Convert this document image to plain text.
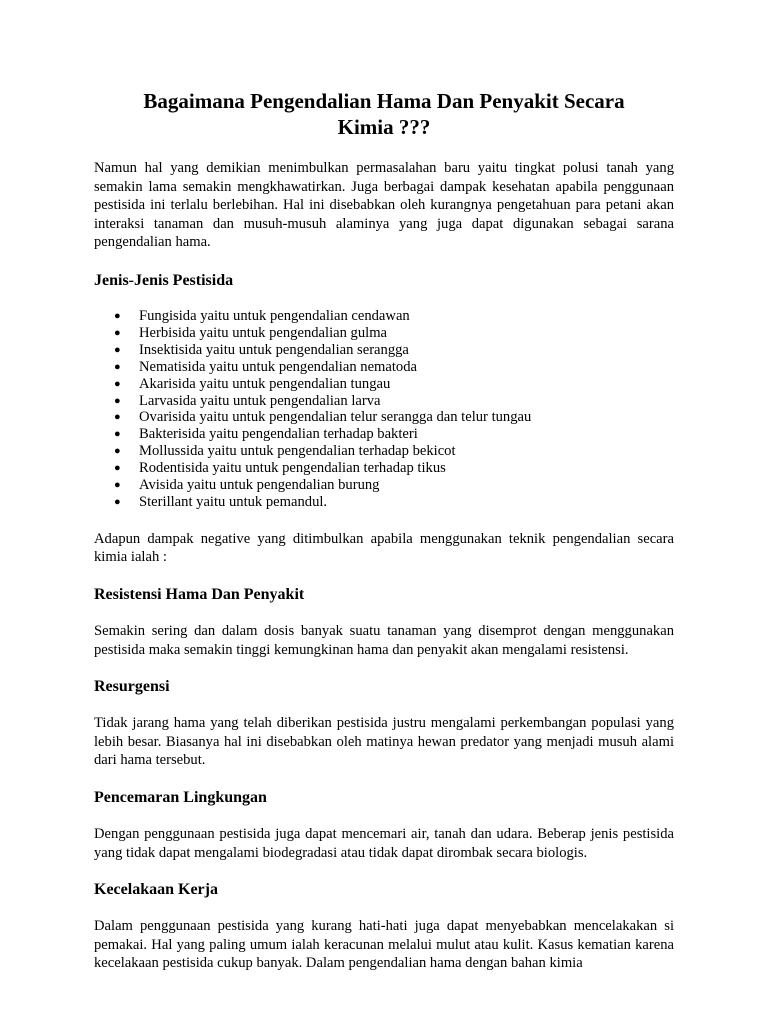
Bagaimana Pengendalian Hama Dan Penyakit Secara
Kimia ???

Namun hal yang demikian menimbulkan permasalahan baru yaitu tingkat polusi tanah yang semakin lama semakin mengkhawatirkan. Juga berbagai dampak kesehatan apabila penggunaan pestisida ini terlalu berlebihan. Hal ini disebabkan oleh kurangnya pengetahuan para petani akan interaksi tanaman dan musuh-musuh alaminya yang juga dapat digunakan sebagai sarana pengendalian hama.

Jenis-Jenis Pestisida
● Fungisida yaitu untuk pengendalian cendawan
● Herbisida yaitu untuk pengendalian gulma
● Insektisida yaitu untuk pengendalian serangga
● Nematisida yaitu untuk pengendalian nematoda
● Akarisida yaitu untuk pengendalian tungau
● Larvasida yaitu untuk pengendalian larva
● Ovarisida yaitu untuk pengendalian telur serangga dan telur tungau
● Bakterisida yaitu pengendalian terhadap bakteri
● Mollussida yaitu untuk pengendalian terhadap bekicot
● Rodentisida yaitu untuk pengendalian terhadap tikus
● Avisida yaitu untuk pengendalian burung
● Sterillant yaitu untuk pemandul.

Adapun dampak negative yang ditimbulkan apabila menggunakan teknik pengendalian secara kimia ialah :

Resistensi Hama Dan Penyakit

Semakin sering dan dalam dosis banyak suatu tanaman yang disemprot dengan menggunakan pestisida maka semakin tinggi kemungkinan hama dan penyakit akan mengalami resistensi.

Resurgensi

Tidak jarang hama yang telah diberikan pestisida justru mengalami perkembangan populasi yang lebih besar. Biasanya hal ini disebabkan oleh matinya hewan predator yang menjadi musuh alami dari hama tersebut.

Pencemaran Lingkungan

Dengan penggunaan pestisida juga dapat mencemari air, tanah dan udara. Beberap jenis pestisida yang tidak dapat mengalami biodegradasi atau tidak dapat dirombak secara biologis.

Kecelakaan Kerja

Dalam penggunaan pestisida yang kurang hati-hati juga dapat menyebabkan mencelakakan si pemakai. Hal yang paling umum ialah keracunan melalui mulut atau kulit. Kasus kematian karena kecelakaan pestisida cukup banyak. Dalam pengendalian hama dengan bahan kimia
